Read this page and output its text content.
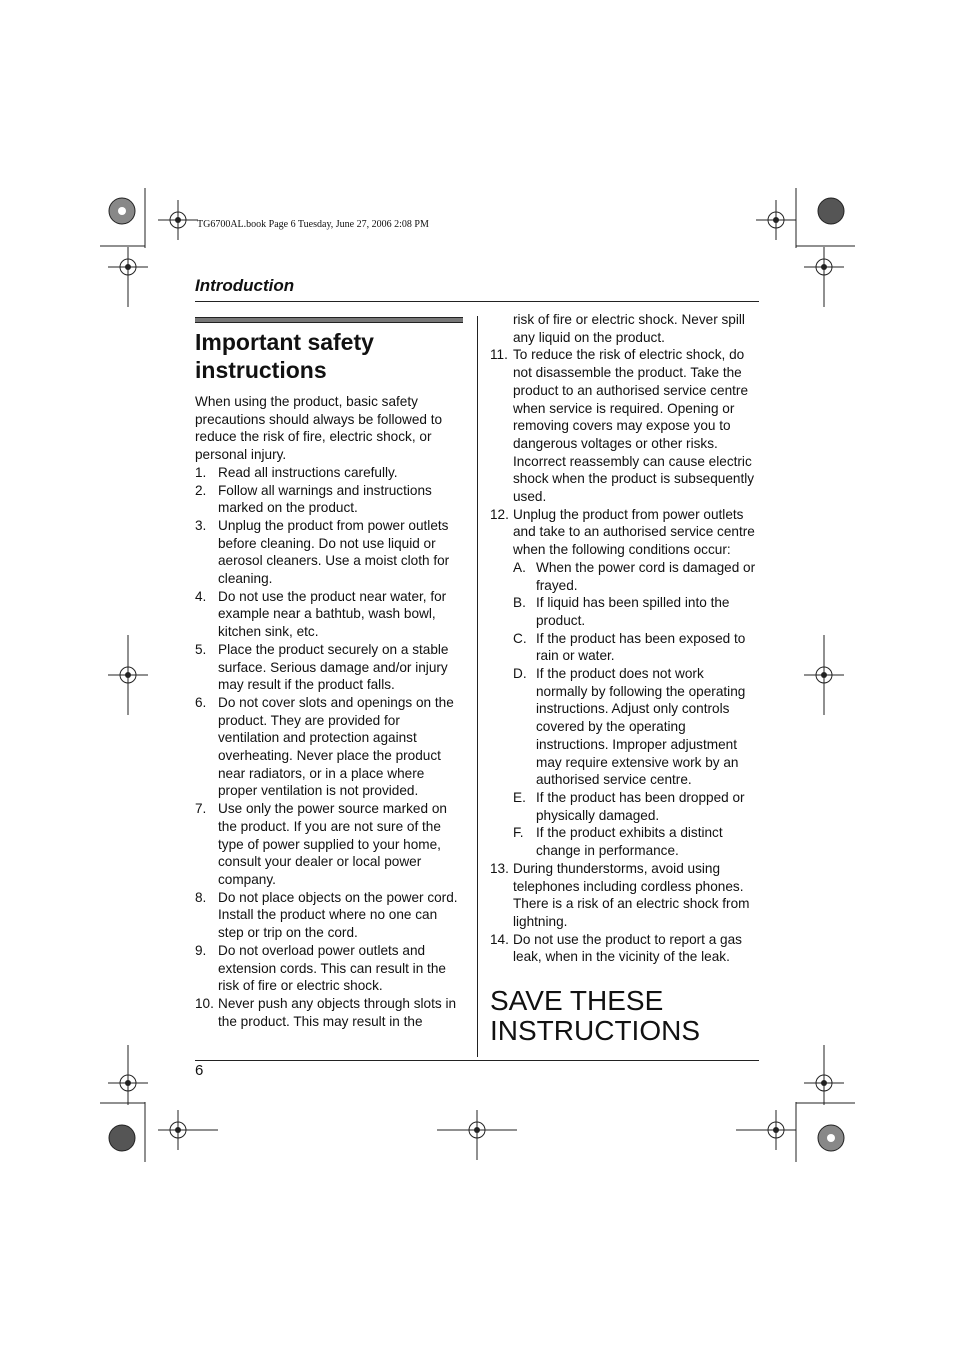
TG6700AL.book Page 6 Tuesday, June 27, 2006 2:08 PM
Introduction
Important safety instructions

When using the product, basic safety precautions should always be followed to reduce the risk of fire, electric shock, or personal injury.

1. Read all instructions carefully.
2. Follow all warnings and instructions marked on the product.
3. Unplug the product from power outlets before cleaning. Do not use liquid or aerosol cleaners. Use a moist cloth for cleaning.
4. Do not use the product near water, for example near a bathtub, wash bowl, kitchen sink, etc.
5. Place the product securely on a stable surface. Serious damage and/or injury may result if the product falls.
6. Do not cover slots and openings on the product. They are provided for ventilation and protection against overheating. Never place the product near radiators, or in a place where proper ventilation is not provided.
7. Use only the power source marked on the product. If you are not sure of the type of power supplied to your home, consult your dealer or local power company.
8. Do not place objects on the power cord. Install the product where no one can step or trip on the cord.
9. Do not overload power outlets and extension cords. This can result in the risk of fire or electric shock.
10. Never push any objects through slots in the product. This may result in the

risk of fire or electric shock. Never spill any liquid on the product.

11. To reduce the risk of electric shock, do not disassemble the product. Take the product to an authorised service centre when service is required. Opening or removing covers may expose you to dangerous voltages or other risks. Incorrect reassembly can cause electric shock when the product is subsequently used.
12. Unplug the product from power outlets and take to an authorised service centre when the following conditions occur:
A. When the power cord is damaged or frayed.
B. If liquid has been spilled into the product.
C. If the product has been exposed to rain or water.
D. If the product does not work normally by following the operating instructions. Adjust only controls covered by the operating instructions. Improper adjustment may require extensive work by an authorised service centre.
E. If the product has been dropped or physically damaged.
F. If the product exhibits a distinct change in performance.
13. During thunderstorms, avoid using telephones including cordless phones. There is a risk of an electric shock from lightning.
14. Do not use the product to report a gas leak, when in the vicinity of the leak.
SAVE THESE INSTRUCTIONS
6
